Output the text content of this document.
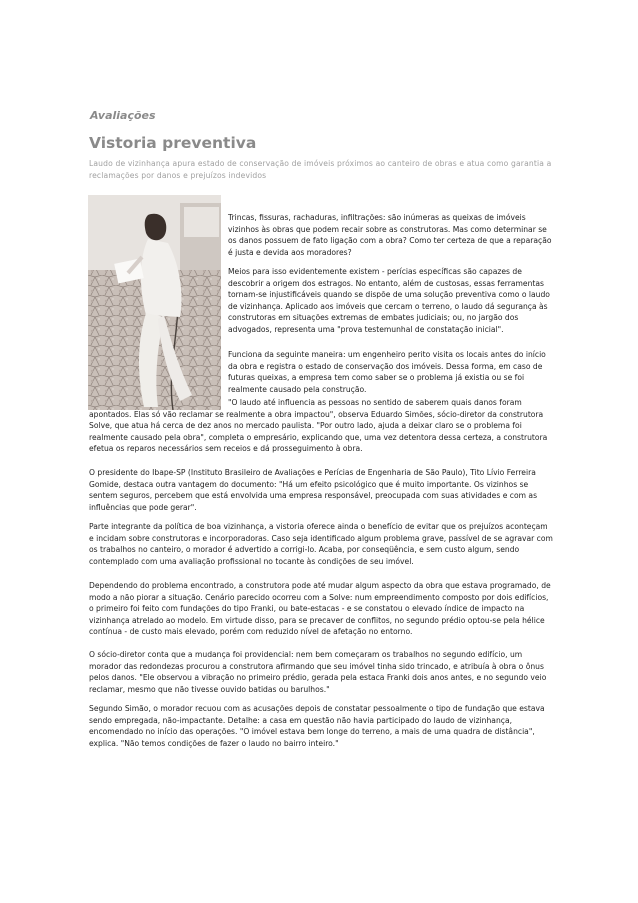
Avaliações
Vistoria preventiva
Laudo de vizinhança apura estado de conservação de imóveis próximos ao canteiro de obras e atua como garantia a reclamações por danos e prejuízos indevidos
Trincas, fissuras, rachaduras, infiltrações: são inúmeras as queixas de imóveis vizinhos às obras que podem recair sobre as construtoras. Mas como determinar se os danos possuem de fato ligação com a obra? Como ter certeza de que a reparação é justa e devida aos moradores?
Meios para isso evidentemente existem - perícias específicas são capazes de descobrir a origem dos estragos. No entanto, além de custosas, essas ferramentas tornam-se injustificáveis quando se dispõe de uma solução preventiva como o laudo de vizinhança. Aplicado aos imóveis que cercam o terreno, o laudo dá segurança às construtoras em situações extremas de embates judiciais; ou, no jargão dos advogados, representa uma "prova testemunhal de constatação inicial".
Funciona da seguinte maneira: um engenheiro perito visita os locais antes do início da obra e registra o estado de conservação dos imóveis. Dessa forma, em caso de futuras queixas, a empresa tem como saber se o problema já existia ou se foi realmente causado pela construção.
"O laudo até influencia as pessoas no sentido de saberem quais danos foram apontados. Elas só vão reclamar se realmente a obra impactou", observa Eduardo Simões, sócio-diretor da construtora Solve, que atua há cerca de dez anos no mercado paulista. "Por outro lado, ajuda a deixar claro se o problema foi realmente causado pela obra", completa o empresário, explicando que, uma vez detentora dessa certeza, a construtora efetua os reparos necessários sem receios e dá prosseguimento à obra.
O presidente do Ibape-SP (Instituto Brasileiro de Avaliações e Perícias de Engenharia de São Paulo), Tito Lívio Ferreira Gomide, destaca outra vantagem do documento: "Há um efeito psicológico que é muito importante. Os vizinhos se sentem seguros, percebem que está envolvida uma empresa responsável, preocupada com suas atividades e com as influências que pode gerar".
Parte integrante da política de boa vizinhança, a vistoria oferece ainda o benefício de evitar que os prejuízos aconteçam e incidam sobre construtoras e incorporadoras. Caso seja identificado algum problema grave, passível de se agravar com os trabalhos no canteiro, o morador é advertido a corrigi-lo. Acaba, por conseqüência, e sem custo algum, sendo contemplado com uma avaliação profissional no tocante às condições de seu imóvel.
Dependendo do problema encontrado, a construtora pode até mudar algum aspecto da obra que estava programado, de modo a não piorar a situação. Cenário parecido ocorreu com a Solve: num empreendimento composto por dois edifícios, o primeiro foi feito com fundações do tipo Franki, ou bate-estacas - e se constatou o elevado índice de impacto na vizinhança atrelado ao modelo. Em virtude disso, para se precaver de conflitos, no segundo prédio optou-se pela hélice contínua - de custo mais elevado, porém com reduzido nível de afetação no entorno.
O sócio-diretor conta que a mudança foi providencial: nem bem começaram os trabalhos no segundo edifício, um morador das redondezas procurou a construtora afirmando que seu imóvel tinha sido trincado, e atribuía à obra o ônus pelos danos. "Ele observou a vibração no primeiro prédio, gerada pela estaca Franki dois anos antes, e no segundo veio reclamar, mesmo que não tivesse ouvido batidas ou barulhos."
Segundo Simão, o morador recuou com as acusações depois de constatar pessoalmente o tipo de fundação que estava sendo empregada, não-impactante. Detalhe: a casa em questão não havia participado do laudo de vizinhança, encomendado no início das operações. "O imóvel estava bem longe do terreno, a mais de uma quadra de distância", explica. "Não temos condições de fazer o laudo no bairro inteiro."
